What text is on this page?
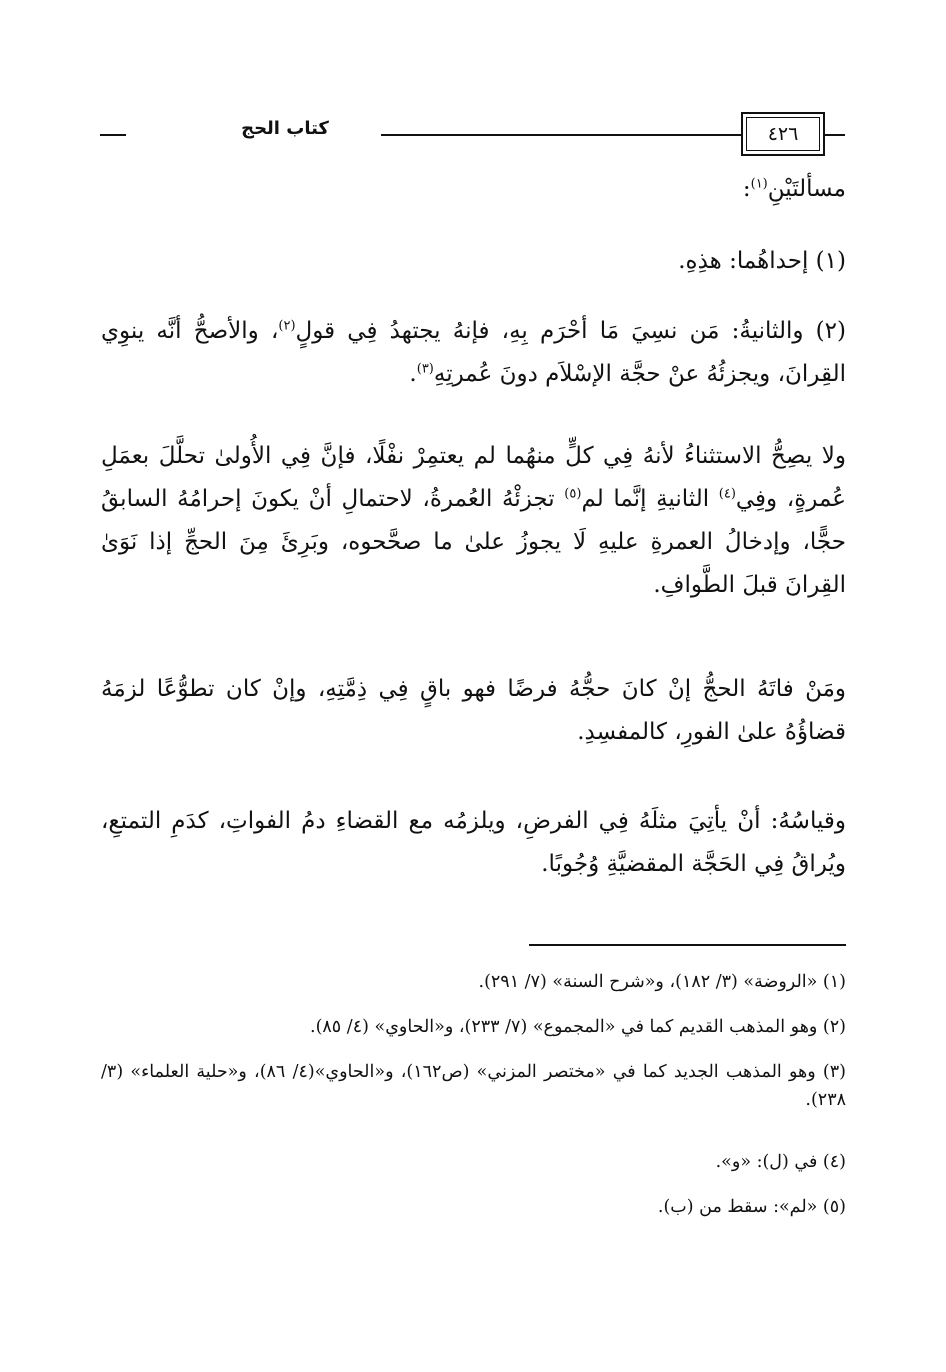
٤٢٦
كتاب الحج
مسألتَيْنِ$^{(١)}$:
(١) إحداهُما: هذِهِ.
(٢) والثانيةُ: مَن نسِيَ مَا أحْرَم بِهِ، فإنهُ يجتهدُ فِي قولٍ$^{(٢)}$، والأصحُّ أنَّه ينوِي القِرانَ، ويجزئُهُ عنْ حجَّة الإسْلاَم دونَ عُمرتِهِ$^{(٣)}$.
ولا يصِحُّ الاستثناءُ لأنهُ فِي كلٍّ منهُما لم يعتمِرْ نفْلًا، فإنَّ فِي الأُولىٰ تحلَّلَ بعمَلِ عُمرةٍ، وفِي$^{(٤)}$ الثانيةِ إنَّما لم$^{(٥)}$ تجزئْهُ العُمرةُ، لاحتمالِ أنْ يكونَ إحرامُهُ السابقُ حجًّا، وإدخالُ العمرةِ عليهِ لَا يجوزُ علىٰ ما صحَّحوه، وبَرِئَ مِنَ الحجِّ إذا نَوَىٰ القِرانَ قبلَ الطَّوافِ.
ومَنْ فاتَهُ الحجُّ إنْ كانَ حجُّهُ فرضًا فهو باقٍ فِي ذِمَّتِهِ، وإنْ كان تطوُّعًا لزمَهُ قضاؤُهُ علىٰ الفورِ، كالمفسِدِ.
وقياسُهُ: أنْ يأتِيَ مثلَهُ فِي الفرضِ، ويلزمُه مع القضاءِ دمُ الفواتِ، كدَمِ التمتعِ، ويُراقُ فِي الحَجَّة المقضيَّةِ وُجُوبًا.
(١) «الروضة» (٣/ ١٨٢)، و«شرح السنة» (٧/ ٢٩١).
(٢) وهو المذهب القديم كما في «المجموع» (٧/ ٢٣٣)، و«الحاوي» (٤/ ٨٥).
(٣) وهو المذهب الجديد كما في «مختصر المزني» (ص١٦٢)، و«الحاوي»(٤/ ٨٦)، و«حلية العلماء» (٣/ ٢٣٨).
(٤) في (ل): «و».
(٥) «لم»: سقط من (ب).
